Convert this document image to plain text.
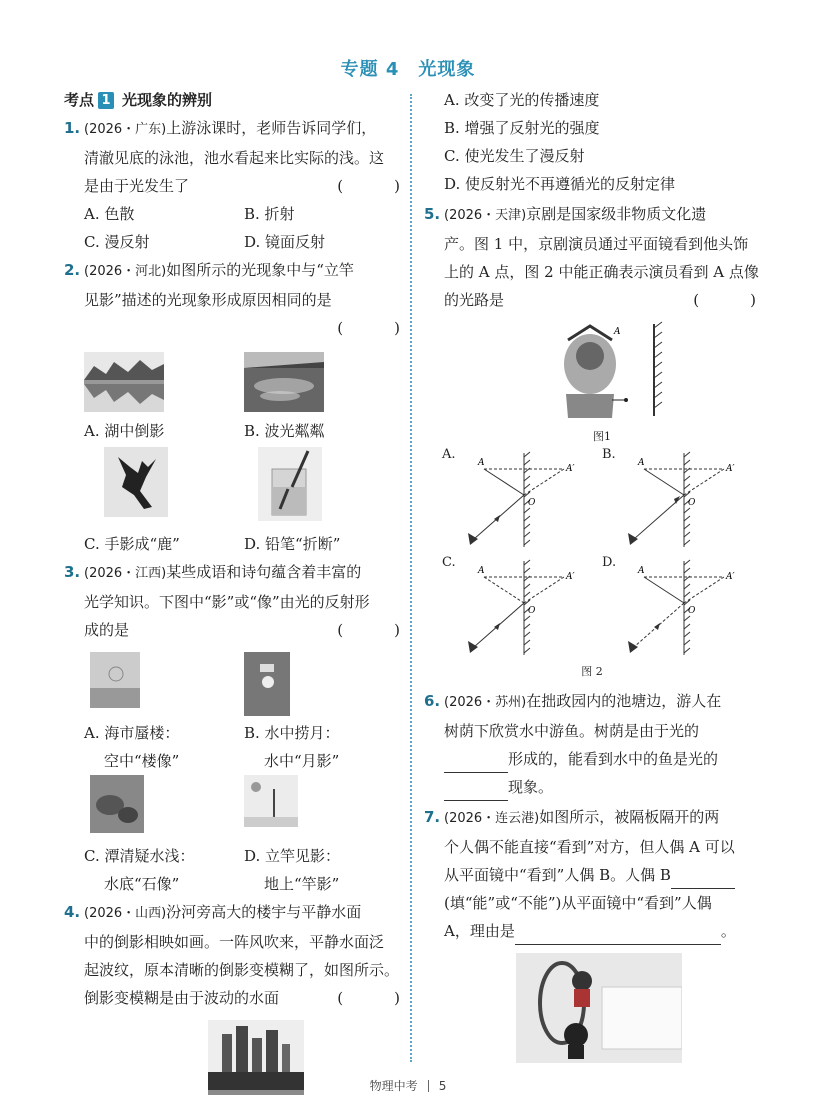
专题 4　光现象
考点 1 光现象的辨别
1. (2026・广东)上游泳课时，老师告诉同学们，
清澈见底的泳池，池水看起来比实际的浅。这
是由于光发生了	(　)
A. 色散	B. 折射
C. 漫反射	D. 镜面反射
2. (2026・河北)如图所示的光现象中与“立竿
见影”描述的光现象形成原因相同的是
(　)
A. 湖中倒影	B. 波光粼粼
C. 手影成“鹿”	D. 铅笔“折断”
3. (2026・江西)某些成语和诗句蕴含着丰富的
光学知识。下图中“影”或“像”由光的反射形
成的是	(　)
A. 海市蜃楼：
空中“楼像”
B. 水中捞月：
水中“月影”
C. 潭清疑水浅：
水底“石像”
D. 立竿见影：
地上“竿影”
4. (2026・山西)汾河旁高大的楼宇与平静水面
中的倒影相映如画。一阵风吹来，平静水面泛
起波纹，原本清晰的倒影变模糊了，如图所示。
倒影变模糊是由于波动的水面	(　)
A. 改变了光的传播速度
B. 增强了反射光的强度
C. 使光发生了漫反射
D. 使反射光不再遵循光的反射定律
5. (2026・天津)京剧是国家级非物质文化遗
产。图 1 中，京剧演员通过平面镜看到他头饰
上的 A 点，图 2 中能正确表示演员看到 A 点像
的光路是	(　)
A
图1
A.
A
A′
O
B.
A
A′
O
C.
A
A′
O
D.
A
A′
O
图 2
6. (2026・苏州)在拙政园内的池塘边，游人在
树荫下欣赏水中游鱼。树荫是由于光的
形成的，能看到水中的鱼是光的
现象。
7. (2026・连云港)如图所示，被隔板隔开的两
个人偶不能直接“看到”对方，但人偶 A 可以
从平面镜中“看到”人偶 B。人偶 B
(填“能”或“不能”)从平面镜中“看到”人偶
A，理由是	。
物理中考 5
